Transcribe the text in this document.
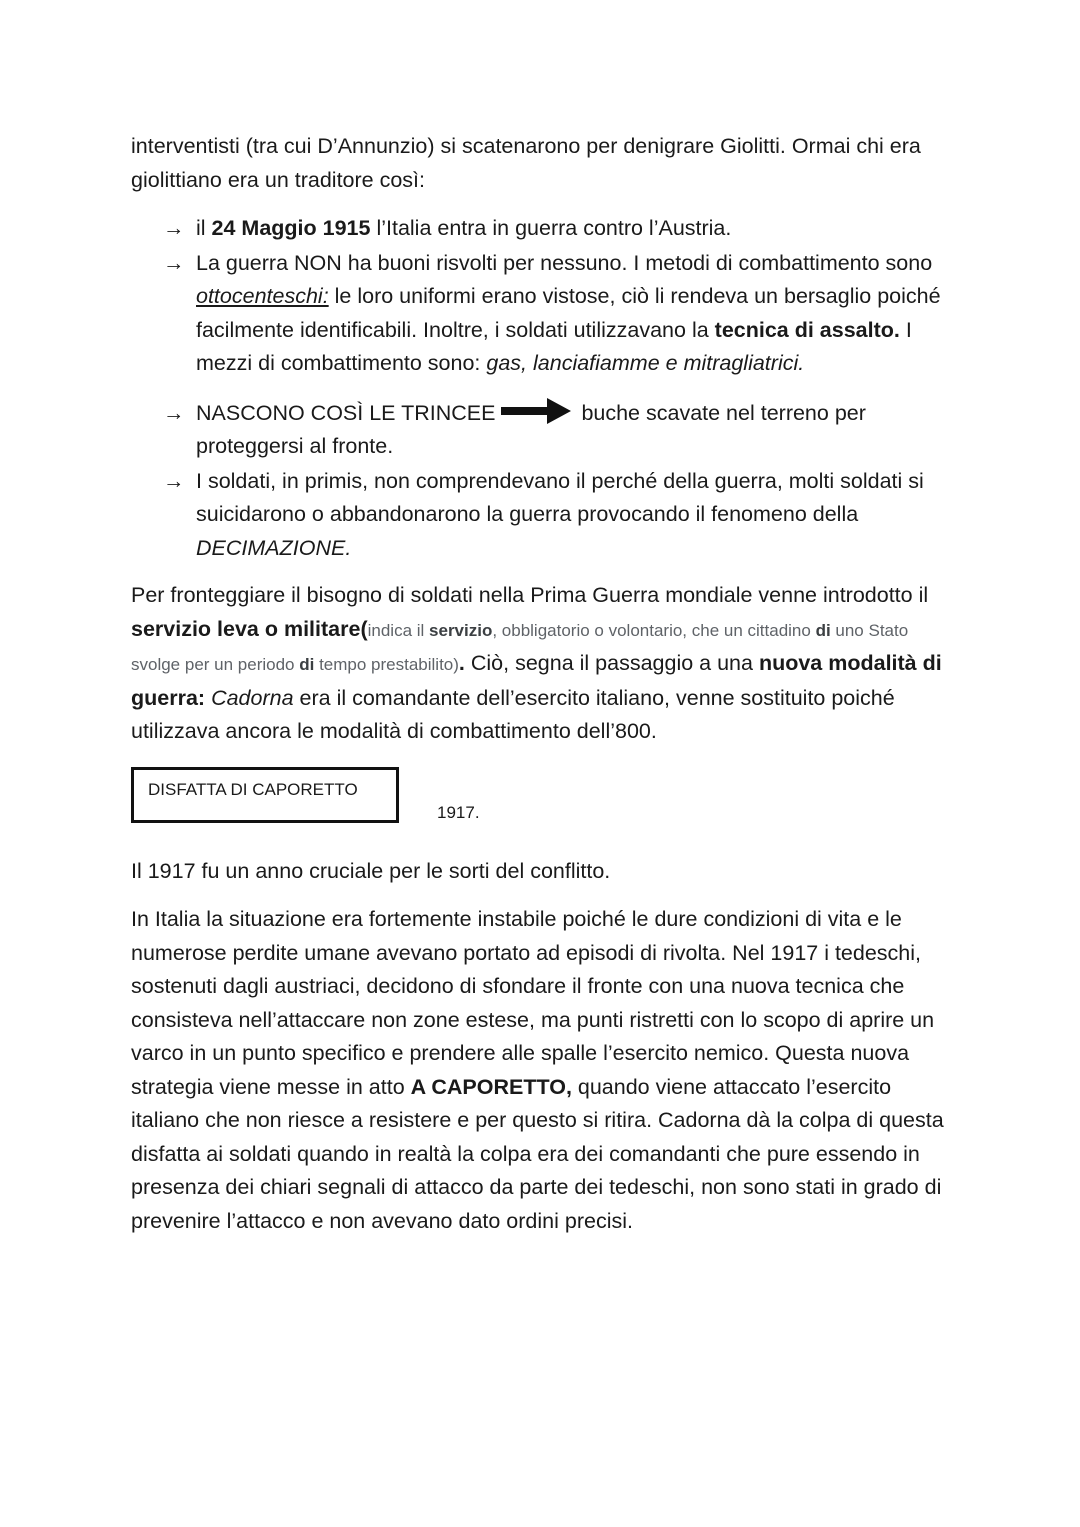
interventisti (tra cui D’Annunzio) si scatenarono per denigrare Giolitti. Ormai chi era giolittiano era un traditore così:

→ il 24 Maggio 1915 l’Italia entra in guerra contro l’Austria.
→ La guerra NON ha buoni risvolti per nessuno. I metodi di combattimento sono ottocenteschi: le loro uniformi erano vistose, ciò li rendeva un bersaglio poiché facilmente identificabili. Inoltre, i soldati utilizzavano la tecnica di assalto. I mezzi di combattimento sono: gas, lanciafiamme e mitragliatrici.
→ NASCONO COSÌ LE TRINCEE	buche scavate nel terreno per proteggersi al fronte.
→ I soldati, in primis, non comprendevano il perché della guerra, molti soldati si suicidarono o abbandonarono la guerra provocando il fenomeno della DECIMAZIONE.

Per fronteggiare il bisogno di soldati nella Prima Guerra mondiale venne introdotto il servizio leva o militare(indica il servizio, obbligatorio o volontario, che un cittadino di uno Stato svolge per un periodo di tempo prestabilito). Ciò, segna il passaggio a una nuova modalità di guerra: Cadorna era il comandante dell’esercito italiano, venne sostituito poiché utilizzava ancora le modalità di combattimento dell’800.

DISFATTA DI CAPORETTO
1917.

Il 1917 fu un anno cruciale per le sorti del conflitto.

In Italia la situazione era fortemente instabile poiché le dure condizioni di vita e le numerose perdite umane avevano portato ad episodi di rivolta. Nel 1917 i tedeschi, sostenuti dagli austriaci, decidono di sfondare il fronte con una nuova tecnica che consisteva nell’attaccare non zone estese, ma punti ristretti con lo scopo di aprire un varco in un punto specifico e prendere alle spalle l’esercito nemico. Questa nuova strategia viene messe in atto A CAPORETTO, quando viene attaccato l’esercito italiano che non riesce a resistere e per questo si ritira. Cadorna dà la colpa di questa disfatta ai soldati quando in realtà la colpa era dei comandanti che pure essendo in presenza dei chiari segnali di attacco da parte dei tedeschi, non sono stati in grado di prevenire l’attacco e non avevano dato ordini precisi.
